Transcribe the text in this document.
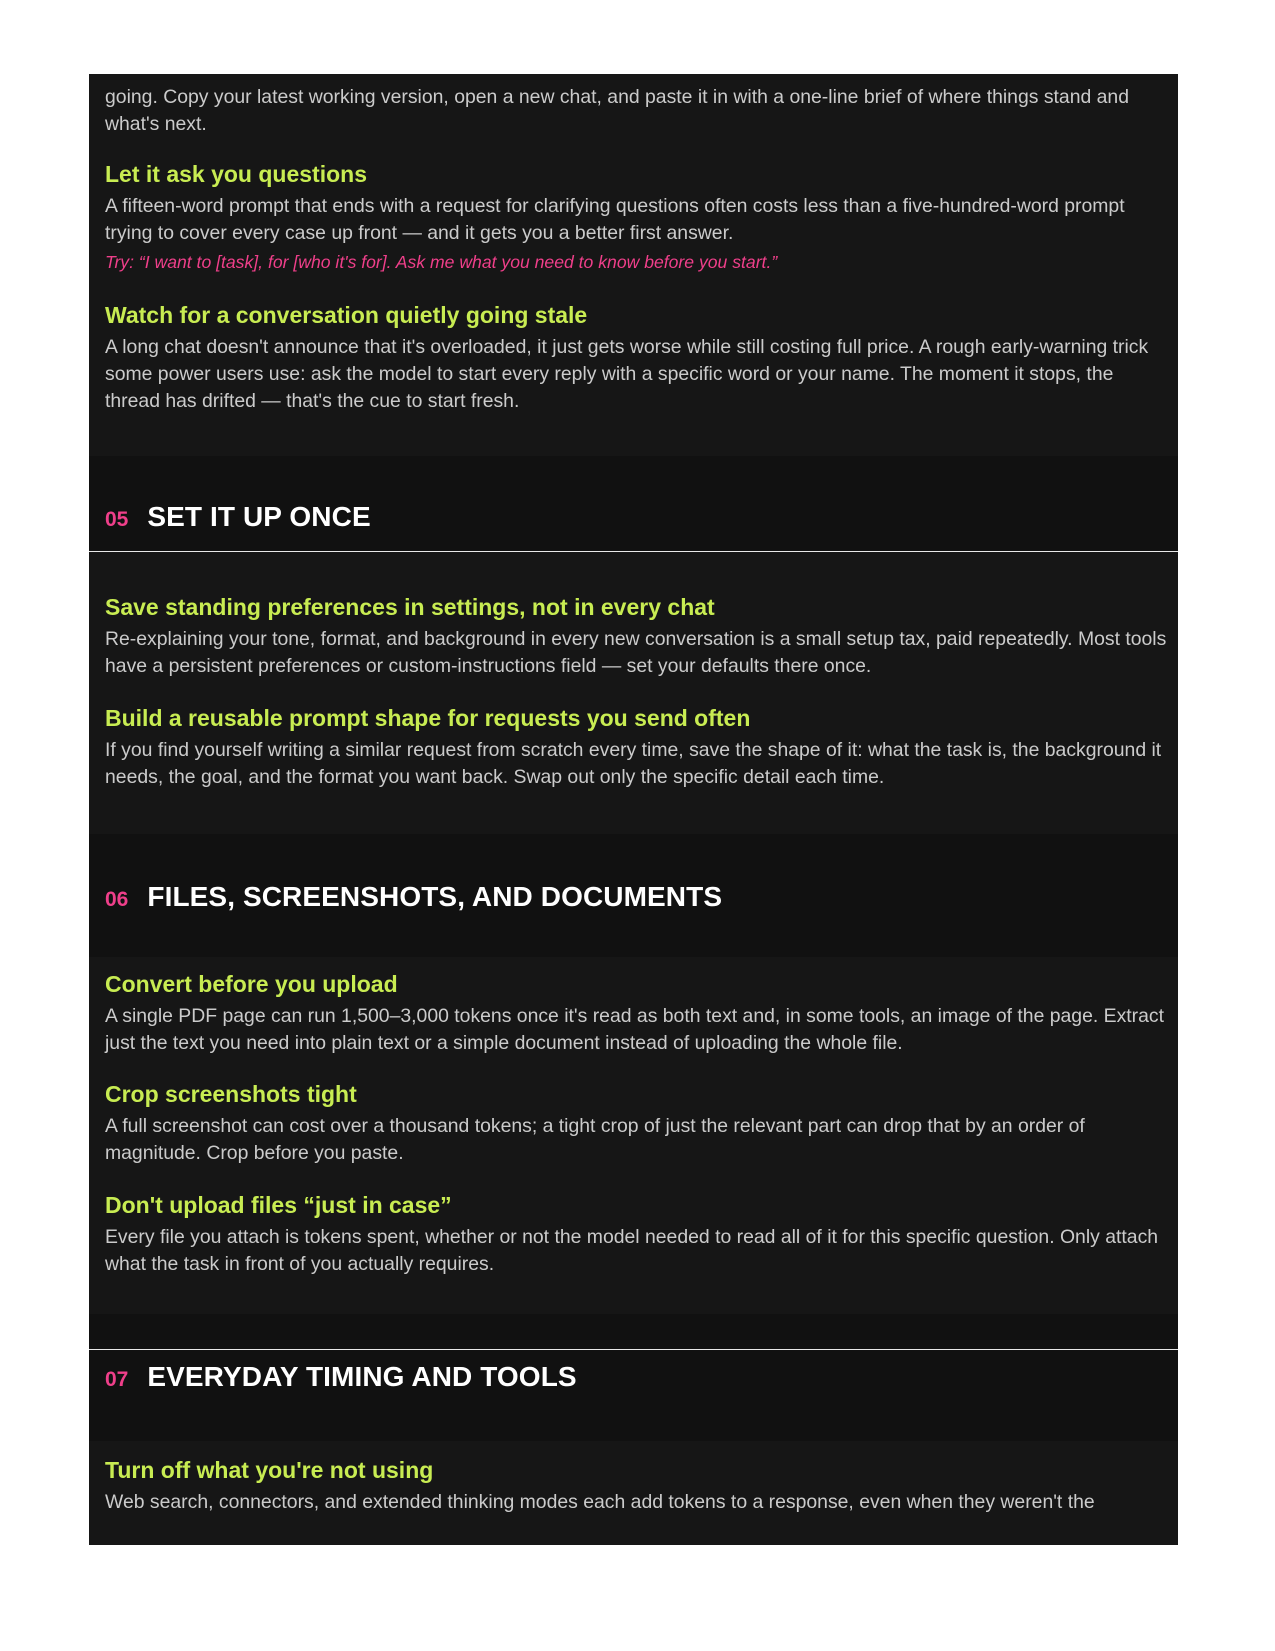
going. Copy your latest working version, open a new chat, and paste it in with a one-line brief of where things stand and what's next.

Let it ask you questions

A fifteen-word prompt that ends with a request for clarifying questions often costs less than a five-hundred-word prompt trying to cover every case up front — and it gets you a better first answer.

Try: “I want to [task], for [who it's for]. Ask me what you need to know before you start.”

Watch for a conversation quietly going stale

A long chat doesn't announce that it's overloaded, it just gets worse while still costing full price. A rough early-warning trick some power users use: ask the model to start every reply with a specific word or your name. The moment it stops, the thread has drifted — that's the cue to start fresh.

05 SET IT UP ONCE
Save standing preferences in settings, not in every chat

Re-explaining your tone, format, and background in every new conversation is a small setup tax, paid repeatedly. Most tools have a persistent preferences or custom-instructions field — set your defaults there once.

Build a reusable prompt shape for requests you send often

If you find yourself writing a similar request from scratch every time, save the shape of it: what the task is, the background it needs, the goal, and the format you want back. Swap out only the specific detail each time.

06 FILES, SCREENSHOTS, AND DOCUMENTS
Convert before you upload

A single PDF page can run 1,500–3,000 tokens once it's read as both text and, in some tools, an image of the page. Extract just the text you need into plain text or a simple document instead of uploading the whole file.

Crop screenshots tight

A full screenshot can cost over a thousand tokens; a tight crop of just the relevant part can drop that by an order of magnitude. Crop before you paste.

Don't upload files “just in case”

Every file you attach is tokens spent, whether or not the model needed to read all of it for this specific question. Only attach what the task in front of you actually requires.

07 EVERYDAY TIMING AND TOOLS
Turn off what you're not using

Web search, connectors, and extended thinking modes each add tokens to a response, even when they weren't the
